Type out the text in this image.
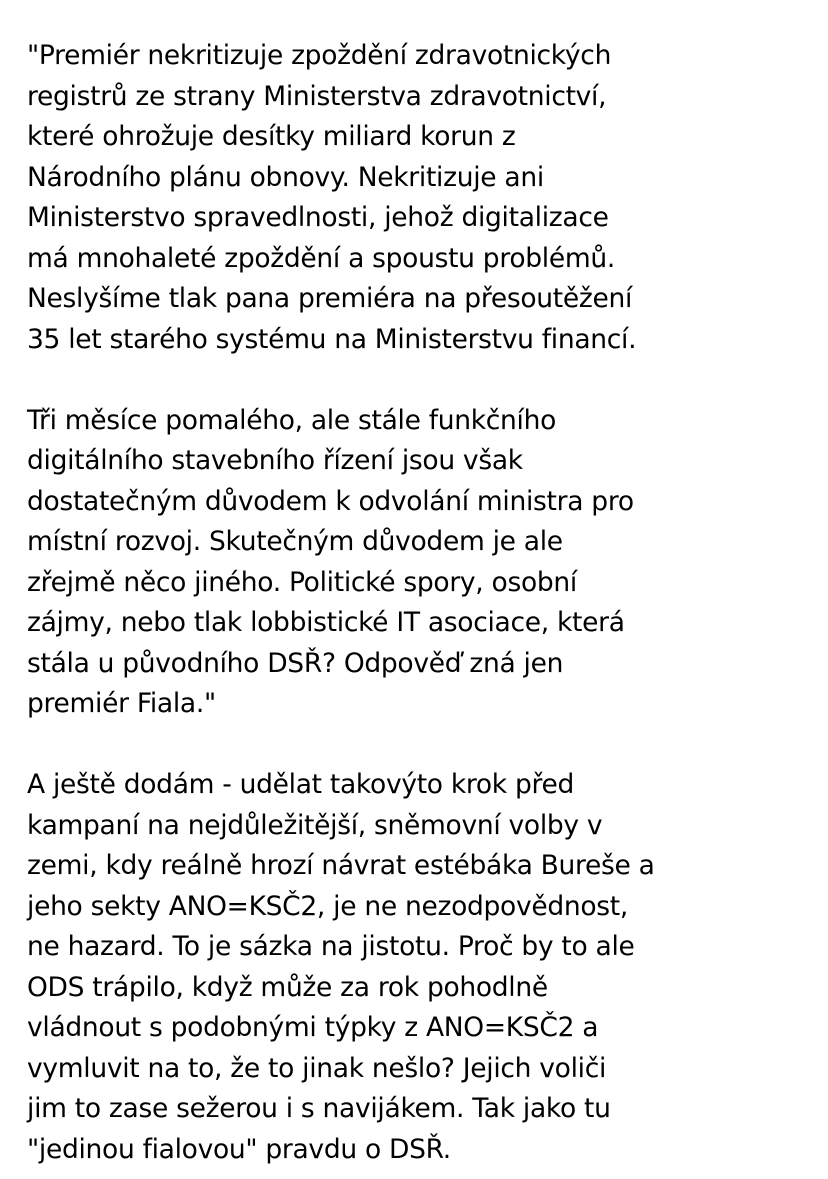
"Premiér nekritizuje zpoždění zdravotnických
registrů ze strany Ministerstva zdravotnictví,
které ohrožuje desítky miliard korun z
Národního plánu obnovy. Nekritizuje ani
Ministerstvo spravedlnosti, jehož digitalizace
má mnohaleté zpoždění a spoustu problémů.
Neslyšíme tlak pana premiéra na přesoutěžení
35 let starého systému na Ministerstvu financí.
Tři měsíce pomalého, ale stále funkčního
digitálního stavebního řízení jsou však
dostatečným důvodem k odvolání ministra pro
místní rozvoj. Skutečným důvodem je ale
zřejmě něco jiného. Politické spory, osobní
zájmy, nebo tlak lobbistické IT asociace, která
stála u původního DSŘ? Odpověď zná jen
premiér Fiala."
A ještě dodám - udělat takovýto krok před
kampaní na nejdůležitější, sněmovní volby v
zemi, kdy reálně hrozí návrat estébáka Bureše a
jeho sekty ANO=KSČ2, je ne nezodpovědnost,
ne hazard. To je sázka na jistotu. Proč by to ale
ODS trápilo, když může za rok pohodlně
vládnout s podobnými týpky z ANO=KSČ2 a
vymluvit na to, že to jinak nešlo? Jejich voliči
jim to zase sežerou i s navijákem. Tak jako tu
"jedinou fialovou" pravdu o DSŘ.
